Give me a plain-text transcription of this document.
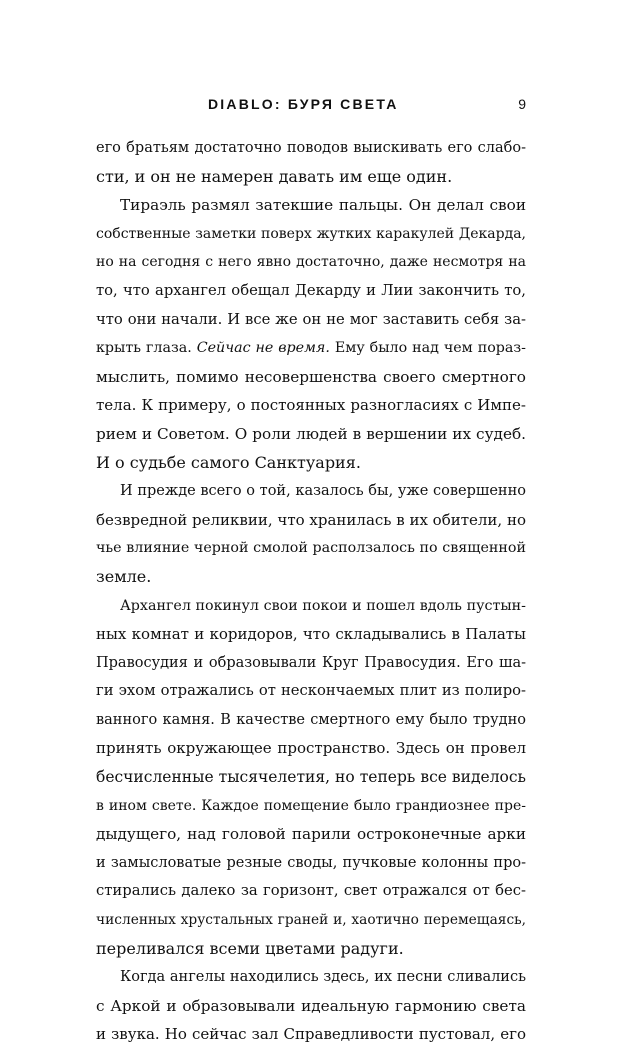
DIABLO: БУРЯ СВЕТА	9
его братьям достаточно поводов выискивать его слабо-
сти, и он не намерен давать им еще один.
Тираэль размял затекшие пальцы. Он делал свои
собственные заметки поверх жутких каракулей Декарда,
но на сегодня с него явно достаточно, даже несмотря на
то, что архангел обещал Декарду и Лии закончить то,
что они начали. И все же он не мог заставить себя за-
крыть глаза. Сейчас не время. Ему было над чем пораз-
мыслить, помимо несовершенства своего смертного
тела. К примеру, о постоянных разногласиях с Импе-
рием и Советом. О роли людей в вершении их судеб.
И о судьбе самого Санктуария.
И прежде всего о той, казалось бы, уже совершенно
безвредной реликвии, что хранилась в их обители, но
чье влияние черной смолой расползалось по священной
земле.
Архангел покинул свои покои и пошел вдоль пустын-
ных комнат и коридоров, что складывались в Палаты
Правосудия и образовывали Круг Правосудия. Его ша-
ги эхом отражались от нескончаемых плит из полиро-
ванного камня. В качестве смертного ему было трудно
принять окружающее пространство. Здесь он провел
бесчисленные тысячелетия, но теперь все виделось
в ином свете. Каждое помещение было грандиознее пре-
дыдущего, над головой парили остроконечные арки
и замысловатые резные своды, пучковые колонны про-
стирались далеко за горизонт, свет отражался от бес-
численных хрустальных граней и, хаотично перемещаясь,
переливался всеми цветами радуги.
Когда ангелы находились здесь, их песни сливались
с Аркой и образовывали идеальную гармонию света
и звука. Но сейчас зал Справедливости пустовал, его
